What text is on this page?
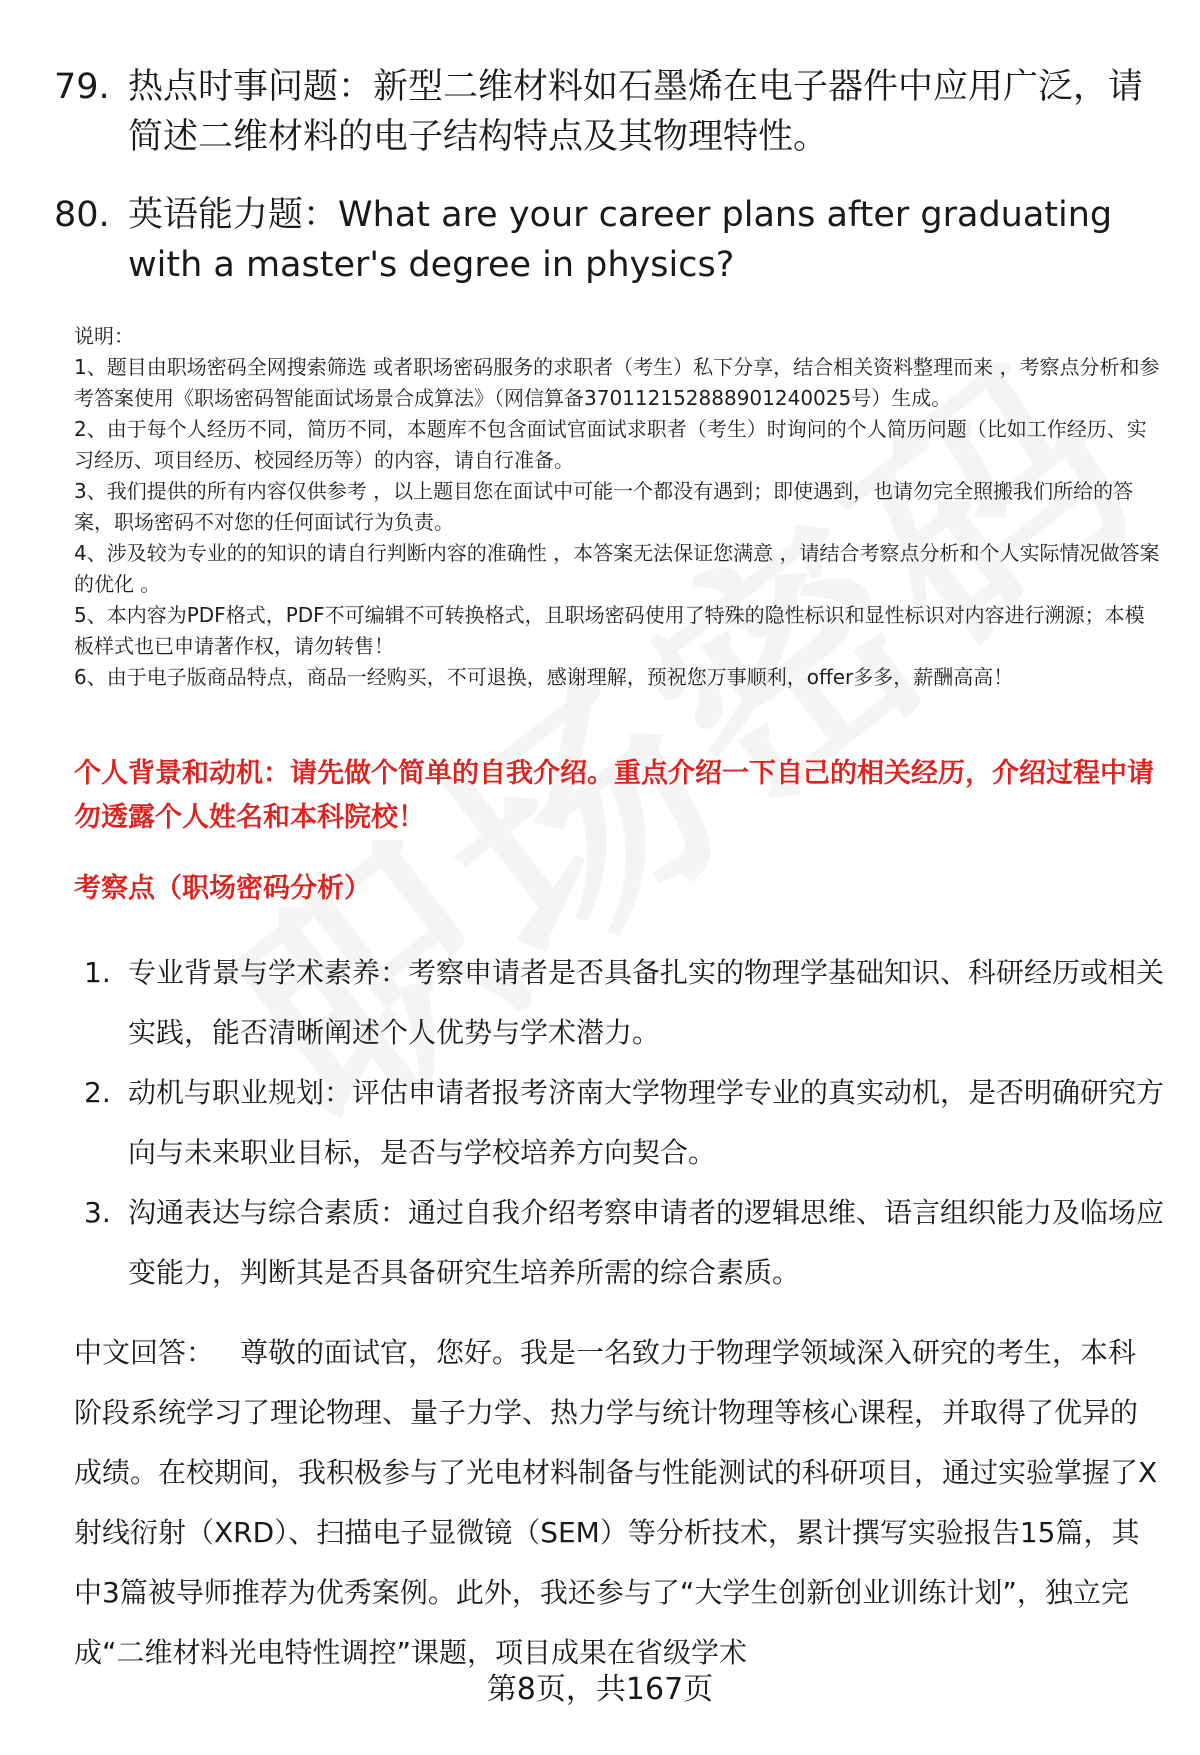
79. 热点时事问题：新型二维材料如石墨烯在电子器件中应用广泛，请简述二维材料的电子结构特点及其物理特性。
80. 英语能力题：What are your career plans after graduating with a master's degree in physics?

说明：

1、题目由职场密码全网搜索筛选 或者职场密码服务的求职者（考生）私下分享，结合相关资料整理而来 ，考察点分析和参考答案使用《职场密码智能面试场景合成算法》（网信算备370112152888901240025号）生成。

2、由于每个人经历不同，简历不同，本题库不包含面试官面试求职者（考生）时询问的个人简历问题（比如工作经历、实习经历、项目经历、校园经历等）的内容，请自行准备。

3、我们提供的所有内容仅供参考 ，以上题目您在面试中可能一个都没有遇到；即使遇到，也请勿完全照搬我们所给的答案，职场密码不对您的任何面试行为负责。

4、涉及较为专业的的知识的请自行判断内容的准确性 ，本答案无法保证您满意 ，请结合考察点分析和个人实际情况做答案的优化 。

5、本内容为PDF格式，PDF不可编辑不可转换格式，且职场密码使用了特殊的隐性标识和显性标识对内容进行溯源；本模板样式也已申请著作权，请勿转售！

6、由于电子版商品特点，商品一经购买，不可退换，感谢理解，预祝您万事顺利，offer多多，薪酬高高！

个人背景和动机：请先做个简单的自我介绍。重点介绍一下自己的相关经历，介绍过程中请勿透露个人姓名和本科院校！

考察点（职场密码分析）

1. 专业背景与学术素养：考察申请者是否具备扎实的物理学基础知识、科研经历或相关实践，能否清晰阐述个人优势与学术潜力。
2. 动机与职业规划：评估申请者报考济南大学物理学专业的真实动机，是否明确研究方向与未来职业目标，是否与学校培养方向契合。
3. 沟通表达与综合素质：通过自我介绍考察申请者的逻辑思维、语言组织能力及临场应变能力，判断其是否具备研究生培养所需的综合素质。

中文回答： 尊敬的面试官，您好。我是一名致力于物理学领域深入研究的考生，本科阶段系统学习了理论物理、量子力学、热力学与统计物理等核心课程，并取得了优异的成绩。在校期间，我积极参与了光电材料制备与性能测试的科研项目，通过实验掌握了X射线衍射（XRD）、扫描电子显微镜（SEM）等分析技术，累计撰写实验报告15篇，其中3篇被导师推荐为优秀案例。此外，我还参与了“大学生创新创业训练计划”，独立完成“二维材料光电特性调控”课题，项目成果在省级学术

第8页，共167页
